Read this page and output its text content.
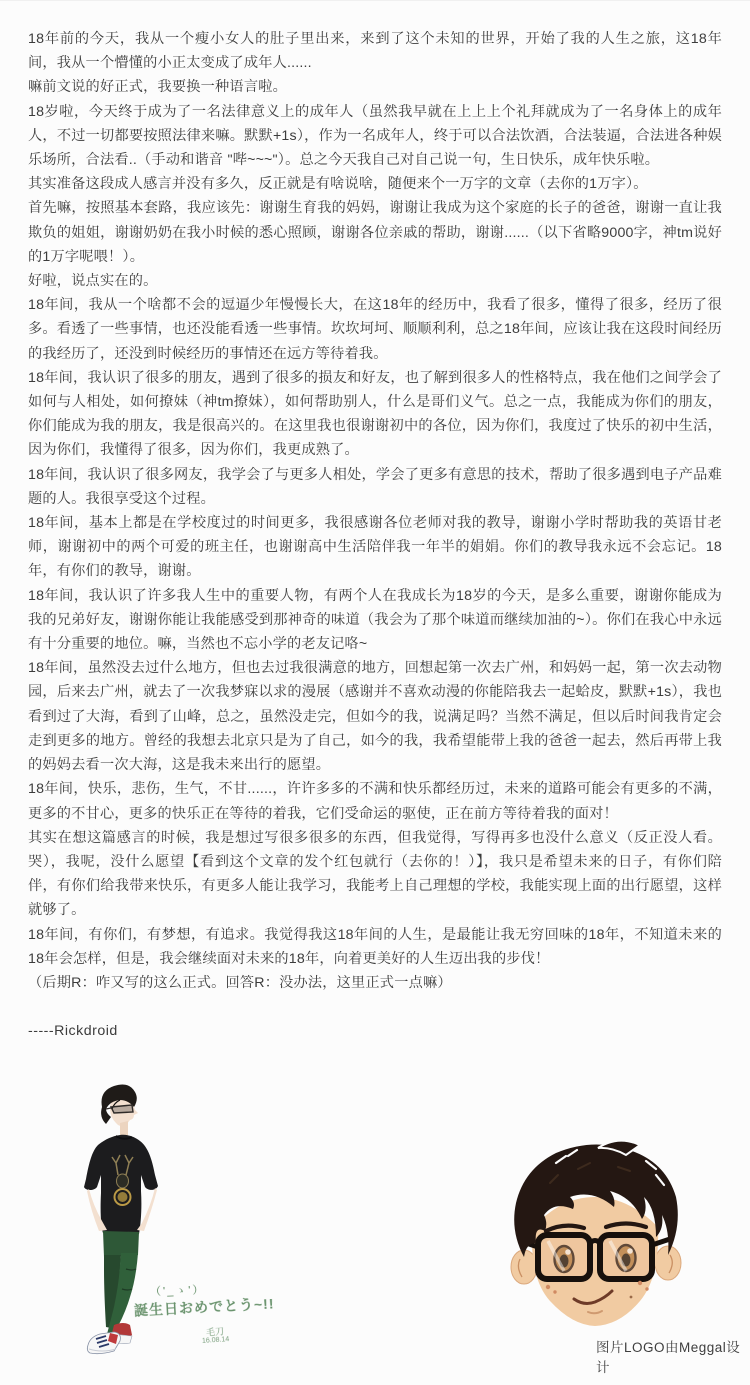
18年前的今天，我从一个瘦小女人的肚子里出来，来到了这个未知的世界，开始了我的人生之旅，这18年间，我从一个懵懂的小正太变成了成年人......

嘛前文说的好正式，我要换一种语言啦。

18岁啦，今天终于成为了一名法律意义上的成年人（虽然我早就在上上上个礼拜就成为了一名身体上的成年人，不过一切都要按照法律来嘛。默默+1s），作为一名成年人，终于可以合法饮酒，合法装逼，合法进各种娱乐场所，合法看..（手动和谐音 "哔~~~"）。总之今天我自己对自己说一句，生日快乐，成年快乐啦。

其实准备这段成人感言并没有多久，反正就是有啥说啥，随便来个一万字的文章（去你的1万字）。

首先嘛，按照基本套路，我应该先：谢谢生育我的妈妈，谢谢让我成为这个家庭的长子的爸爸，谢谢一直让我欺负的姐姐，谢谢奶奶在我小时候的悉心照顾，谢谢各位亲戚的帮助，谢谢......（以下省略9000字，神tm说好的1万字呢喂！）。

好啦，说点实在的。

18年间，我从一个啥都不会的逗逼少年慢慢长大，在这18年的经历中，我看了很多，懂得了很多，经历了很多。看透了一些事情，也还没能看透一些事情。坎坎坷坷、顺顺利利，总之18年间，应该让我在这段时间经历的我经历了，还没到时候经历的事情还在远方等待着我。

18年间，我认识了很多的朋友，遇到了很多的损友和好友，也了解到很多人的性格特点，我在他们之间学会了如何与人相处，如何撩妹（神tm撩妹），如何帮助别人，什么是哥们义气。总之一点，我能成为你们的朋友，你们能成为我的朋友，我是很高兴的。在这里我也很谢谢初中的各位，因为你们，我度过了快乐的初中生活，因为你们，我懂得了很多，因为你们，我更成熟了。

18年间，我认识了很多网友，我学会了与更多人相处，学会了更多有意思的技术，帮助了很多遇到电子产品难题的人。我很享受这个过程。

18年间，基本上都是在学校度过的时间更多，我很感谢各位老师对我的教导，谢谢小学时帮助我的英语甘老师，谢谢初中的两个可爱的班主任，也谢谢高中生活陪伴我一年半的娟娟。你们的教导我永远不会忘记。18年，有你们的教导，谢谢。

18年间，我认识了许多我人生中的重要人物，有两个人在我成长为18岁的今天，是多么重要，谢谢你能成为我的兄弟好友，谢谢你能让我能感受到那神奇的味道（我会为了那个味道而继续加油的~）。你们在我心中永远有十分重要的地位。嘛，当然也不忘小学的老友记咯~

18年间，虽然没去过什么地方，但也去过我很满意的地方，回想起第一次去广州，和妈妈一起，第一次去动物园，后来去广州，就去了一次我梦寐以求的漫展（感谢并不喜欢动漫的你能陪我去一起蛤皮，默默+1s），我也看到过了大海，看到了山峰，总之，虽然没走完，但如今的我，说满足吗？当然不满足，但以后时间我肯定会走到更多的地方。曾经的我想去北京只是为了自己，如今的我，我希望能带上我的爸爸一起去，然后再带上我的妈妈去看一次大海，这是我未来出行的愿望。

18年间，快乐，悲伤，生气，不甘......，许许多多的不满和快乐都经历过，未来的道路可能会有更多的不满，更多的不甘心，更多的快乐正在等待的着我，它们受命运的驱使，正在前方等待着我的面对！

其实在想这篇感言的时候，我是想过写很多很多的东西，但我觉得，写得再多也没什么意义（反正没人看。哭），我呢，没什么愿望【看到这个文章的发个红包就行（去你的！）】，我只是希望未来的日子，有你们陪伴，有你们给我带来快乐，有更多人能让我学习，我能考上自己理想的学校，我能实现上面的出行愿望，这样就够了。

18年间，有你们，有梦想，有追求。我觉得我这18年间的人生，是最能让我无穷回味的18年，不知道未来的18年会怎样，但是，我会继续面对未来的18年，向着更美好的人生迈出我的步伐！

（后期R：咋又写的这么正式。回答R：没办法，这里正式一点嘛）

-----Rickdroid

（'_ゝ'）
誕生日おめでとう~!!
毛刀
16.08.14	图片LOGO由Meggal设计
